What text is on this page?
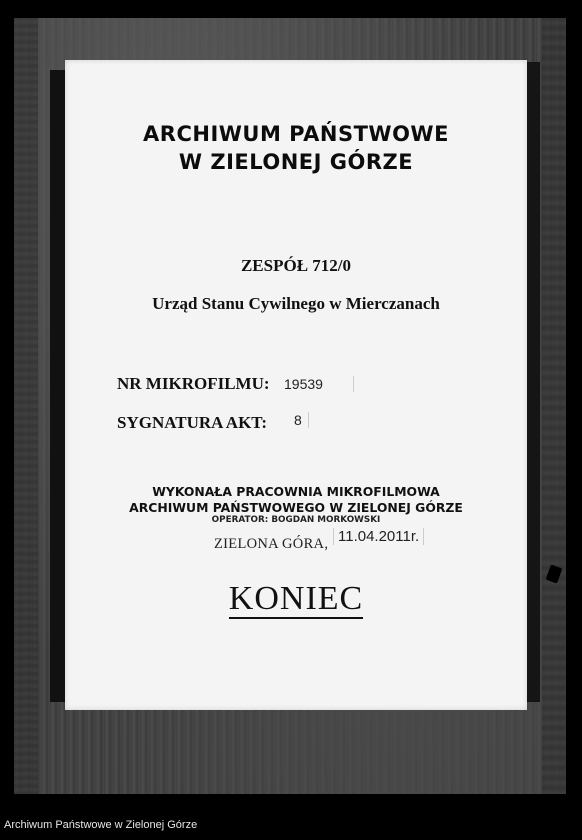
ARCHIWUM PAŃSTWOWE
W ZIELONEJ GÓRZE
ZESPÓŁ 712/0
Urząd Stanu Cywilnego w Mierczanach
NR MIKROFILMU: 19539
SYGNATURA AKT: 8
WYKONAŁA PRACOWNIA MIKROFILMOWA
ARCHIWUM PAŃSTWOWEGO W ZIELONEJ GÓRZE
OPERATOR: BOGDAN MORKOWSKI
ZIELONA GÓRA, 11.04.2011r.
KONIEC
Archiwum Państwowe w Zielonej Górze
